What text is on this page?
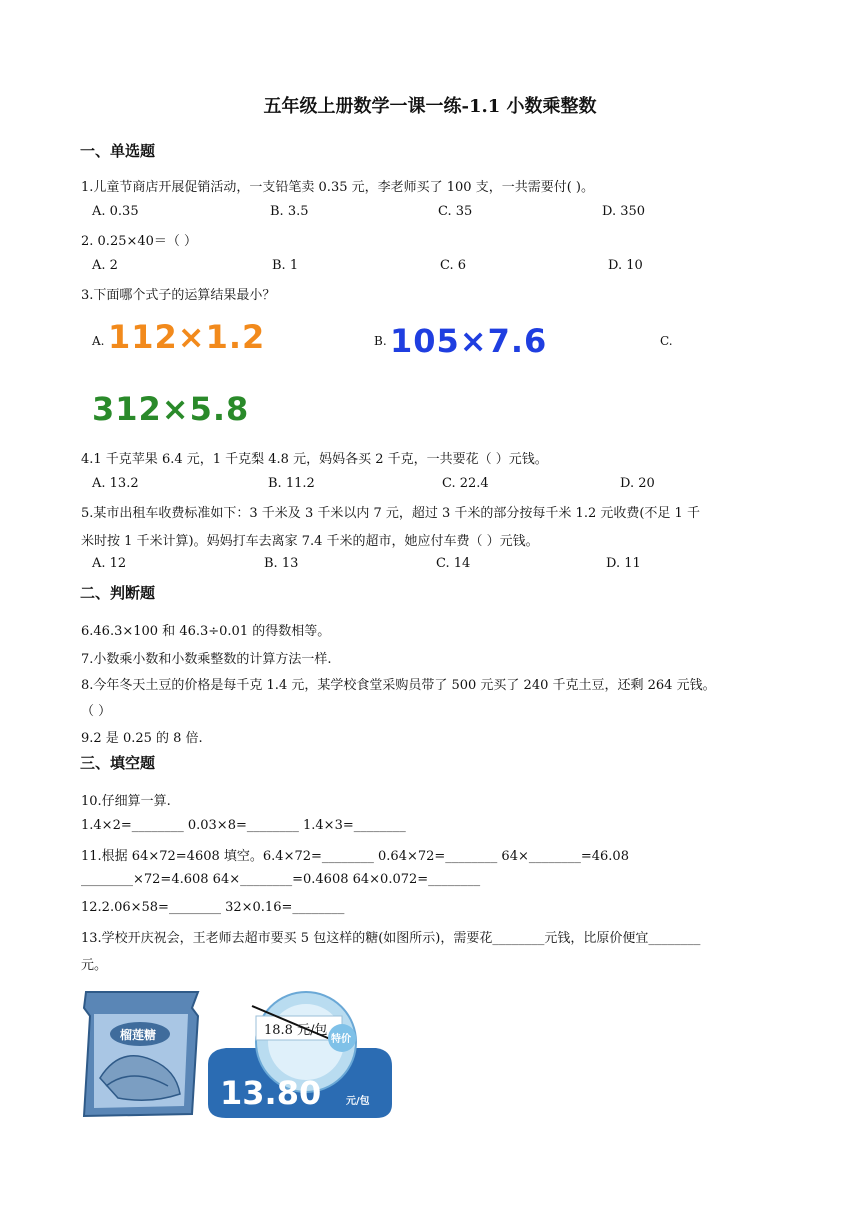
五年级上册数学一课一练-1.1 小数乘整数
一、单选题
1.儿童节商店开展促销活动，一支铅笔卖 0.35 元，李老师买了 100 支，一共需要付( )。
A. 0.35	B. 3.5	C. 35	D. 350
2. 0.25×40＝（ ）
A. 2	B. 1	C. 6	D. 10
3.下面哪个式子的运算结果最小？
A. 112×1.2	B. 105×7.6	C.
312×5.8
4.1 千克苹果 6.4 元，1 千克梨 4.8 元，妈妈各买 2 千克，一共要花（ ）元钱。
A. 13.2	B. 11.2	C. 22.4	D. 20
5.某市出租车收费标准如下：3 千米及 3 千米以内 7 元，超过 3 千米的部分按每千米 1.2 元收费(不足 1 千
米时按 1 千米计算)。妈妈打车去离家 7.4 千米的超市，她应付车费（ ）元钱。
A. 12	B. 13	C. 14	D. 11
二、判断题
6.46.3×100 和 46.3÷0.01 的得数相等。
7.小数乘小数和小数乘整数的计算方法一样.
8.今年冬天土豆的价格是每千克 1.4 元，某学校食堂采购员带了 500 元买了 240 千克土豆，还剩 264 元钱。
（ ）
9.2 是 0.25 的 8 倍.
三、填空题
10.仔细算一算.
1.4×2=________ 0.03×8=________ 1.4×3=________
11.根据 64×72=4608 填空。6.4×72=________ 0.64×72=________ 64×________=46.08
________×72=4.608 64×________=0.4608 64×0.072=________
12.2.06×58=________ 32×0.16=________
13.学校开庆祝会，王老师去超市要买 5 包这样的糖(如图所示)，需要花________元钱，比原价便宜________
元。
榴莲糖	18.8 元/包
特价
13.80 元/包
